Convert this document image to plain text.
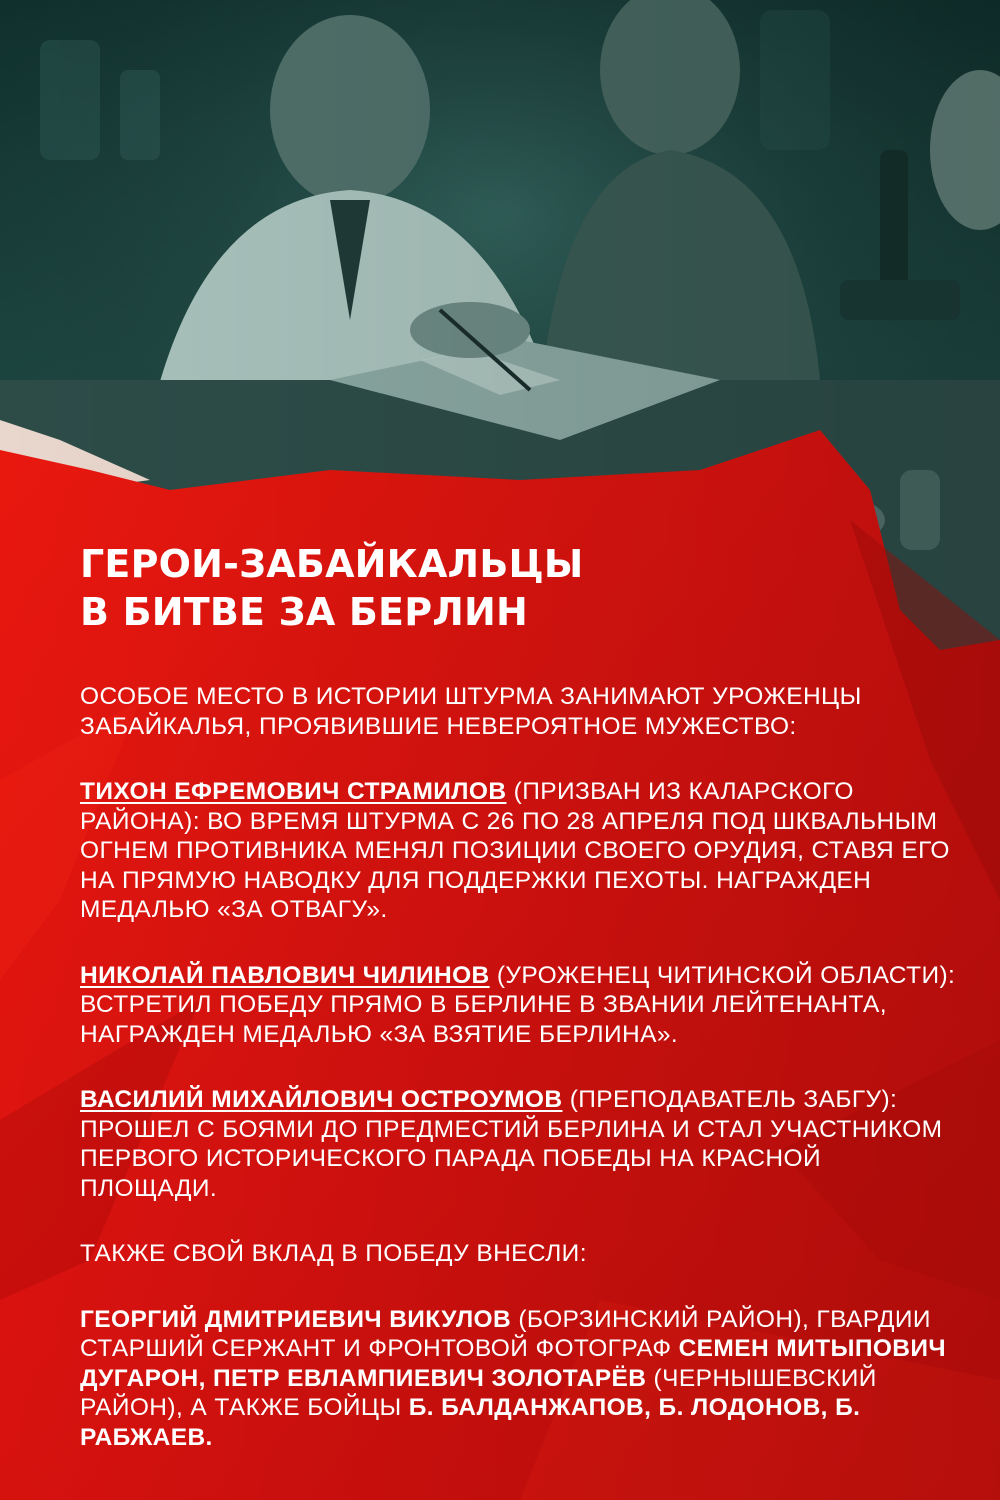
ГЕРОИ-ЗАБАЙКАЛЬЦЫ
В БИТВЕ ЗА БЕРЛИН

ОСОБОЕ МЕСТО В ИСТОРИИ ШТУРМА ЗАНИМАЮТ УРОЖЕНЦЫ ЗАБАЙКАЛЬЯ, ПРОЯВИВШИЕ НЕВЕРОЯТНОЕ МУЖЕСТВО:

ТИХОН ЕФРЕМОВИЧ СТРАМИЛОВ (ПРИЗВАН ИЗ КАЛАРСКОГО РАЙОНА): ВО ВРЕМЯ ШТУРМА С 26 ПО 28 АПРЕЛЯ ПОД ШКВАЛЬНЫМ ОГНЕМ ПРОТИВНИКА МЕНЯЛ ПОЗИЦИИ СВОЕГО ОРУДИЯ, СТАВЯ ЕГО НА ПРЯМУЮ НАВОДКУ ДЛЯ ПОДДЕРЖКИ ПЕХОТЫ. НАГРАЖДЕН МЕДАЛЬЮ «ЗА ОТВАГУ».

НИКОЛАЙ ПАВЛОВИЧ ЧИЛИНОВ (УРОЖЕНЕЦ ЧИТИНСКОЙ ОБЛАСТИ): ВСТРЕТИЛ ПОБЕДУ ПРЯМО В БЕРЛИНЕ В ЗВАНИИ ЛЕЙТЕНАНТА, НАГРАЖДЕН МЕДАЛЬЮ «ЗА ВЗЯТИЕ БЕРЛИНА».

ВАСИЛИЙ МИХАЙЛОВИЧ ОСТРОУМОВ (ПРЕПОДАВАТЕЛЬ ЗАБГУ): ПРОШЕЛ С БОЯМИ ДО ПРЕДМЕСТИЙ БЕРЛИНА И СТАЛ УЧАСТНИКОМ ПЕРВОГО ИСТОРИЧЕСКОГО ПАРАДА ПОБЕДЫ НА КРАСНОЙ ПЛОЩАДИ.

ТАКЖЕ СВОЙ ВКЛАД В ПОБЕДУ ВНЕСЛИ:

ГЕОРГИЙ ДМИТРИЕВИЧ ВИКУЛОВ (БОРЗИНСКИЙ РАЙОН), ГВАРДИИ СТАРШИЙ СЕРЖАНТ И ФРОНТОВОЙ ФОТОГРАФ СЕМЕН МИТЫПОВИЧ ДУГАРОН, ПЕТР ЕВЛАМПИЕВИЧ ЗОЛОТАРЁВ (ЧЕРНЫШЕВСКИЙ РАЙОН), А ТАКЖЕ БОЙЦЫ Б. БАЛДАНЖАПОВ, Б. ЛОДОНОВ, Б. РАБЖАЕВ.
